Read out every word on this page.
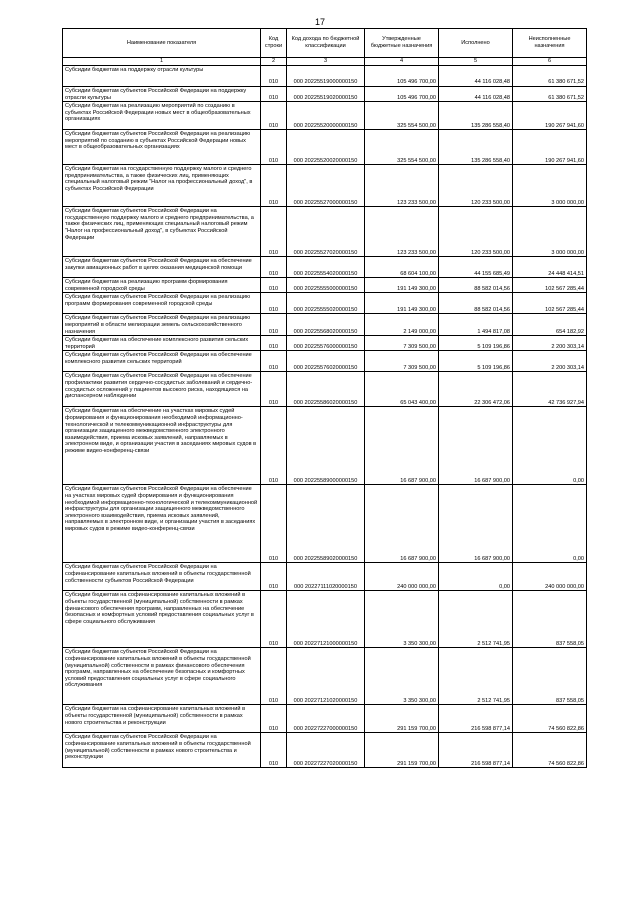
17
Наименование показателя	Код строки	Код дохода по бюджетной классификации	Утвержденные бюджетные назначения	Исполнено	Неисполненные назначения
1	2	3	4	5	6
Субсидии бюджетам на поддержку отрасли культуры	010	000 20225519000000150	105 496 700,00	44 116 028,48	61 380 671,52
Субсидии бюджетам субъектов Российской Федерации на поддержку отрасли культуры	010	000 20225519020000150	105 496 700,00	44 116 028,48	61 380 671,52
Субсидии бюджетам на реализацию мероприятий по созданию в субъектах Российской Федерации новых мест в общеобразовательных организациях	010	000 20225520000000150	325 554 500,00	135 286 558,40	190 267 941,60
Субсидии бюджетам субъектов Российской Федерации на реализацию мероприятий по созданию в субъектах Российской Федерации новых мест в общеобразовательных организациях	010	000 20225520020000150	325 554 500,00	135 286 558,40	190 267 941,60
Субсидии бюджетам на государственную поддержку малого и среднего предпринимательства, а также физических лиц, применяющих специальный налоговый режим "Налог на профессиональный доход", в субъектах Российской Федерации	010	000 20225527000000150	123 233 500,00	120 233 500,00	3 000 000,00
Субсидии бюджетам субъектов Российской Федерации на государственную поддержку малого и среднего предпринимательства, а также физических лиц, применяющих специальный налоговый режим "Налог на профессиональный доход", в субъектах Российской Федерации	010	000 20225527020000150	123 233 500,00	120 233 500,00	3 000 000,00
Субсидии бюджетам субъектов Российской Федерации на обеспечение закупки авиационных работ в целях оказания медицинской помощи	010	000 20225554020000150	68 604 100,00	44 155 685,49	24 448 414,51
Субсидии бюджетам на реализацию программ формирования современной городской среды	010	000 20225555000000150	191 149 300,00	88 582 014,56	102 567 285,44
Субсидии бюджетам субъектов Российской Федерации на реализацию программ формирования современной городской среды	010	000 20225555020000150	191 149 300,00	88 582 014,56	102 567 285,44
Субсидии бюджетам субъектов Российской Федерации на реализацию мероприятий в области мелиорации земель сельскохозяйственного назначения	010	000 20225568020000150	2 149 000,00	1 494 817,08	654 182,92
Субсидии бюджетам на обеспечение комплексного развития сельских территорий	010	000 20225576000000150	7 309 500,00	5 109 196,86	2 200 303,14
Субсидии бюджетам субъектов Российской Федерации на обеспечение комплексного развития сельских территорий	010	000 20225576020000150	7 309 500,00	5 109 196,86	2 200 303,14
Субсидии бюджетам субъектов Российской Федерации на обеспечение профилактики развития сердечно-сосудистых заболеваний и сердечно-сосудистых осложнений у пациентов высокого риска, находящихся на диспансерном наблюдении	010	000 20225586020000150	65 043 400,00	22 306 472,06	42 736 927,94
Субсидии бюджетам на обеспечение на участках мировых судей формирования и функционирования необходимой информационно-технологической и телекоммуникационной инфраструктуры для организации защищенного межведомственного электронного взаимодействия, приема исковых заявлений, направляемых в электронном виде, и организации участия в заседаниях мировых судов в режиме видео-конференц-связи	010	000 20225589000000150	16 687 900,00	16 687 900,00	0,00
Субсидии бюджетам субъектов Российской Федерации на обеспечение на участках мировых судей формирования и функционирования необходимой информационно-технологической и телекоммуникационной инфраструктуры для организации защищенного межведомственного электронного взаимодействия, приема исковых заявлений, направляемых в электронном виде, и организации участия в заседаниях мировых судов в режиме видео-конференц-связи	010	000 20225589020000150	16 687 900,00	16 687 900,00	0,00
Субсидии бюджетам субъектов Российской Федерации на софинансирование капитальных вложений в объекты государственной собственности субъектов Российской Федерации	010	000 20227111020000150	240 000 000,00	0,00	240 000 000,00
Субсидии бюджетам на софинансирование капитальных вложений в объекты государственной (муниципальной) собственности в рамках финансового обеспечения программ, направленных на обеспечение безопасных и комфортных условий предоставления социальных услуг в сфере социального обслуживания	010	000 20227121000000150	3 350 300,00	2 512 741,95	837 558,05
Субсидии бюджетам субъектов Российской Федерации на софинансирование капитальных вложений в объекты государственной (муниципальной) собственности в рамках финансового обеспечения программ, направленных на обеспечение безопасных и комфортных условий предоставления социальных услуг в сфере социального обслуживания	010	000 20227121020000150	3 350 300,00	2 512 741,95	837 558,05
Субсидии бюджетам на софинансирование капитальных вложений в объекты государственной (муниципальной) собственности в рамках нового строительства и реконструкции	010	000 20227227000000150	291 159 700,00	216 598 877,14	74 560 822,86
Субсидии бюджетам субъектов Российской Федерации на софинансирование капитальных вложений в объекты государственной (муниципальной) собственности в рамках нового строительства и реконструкции	010	000 20227227020000150	291 159 700,00	216 598 877,14	74 560 822,86
